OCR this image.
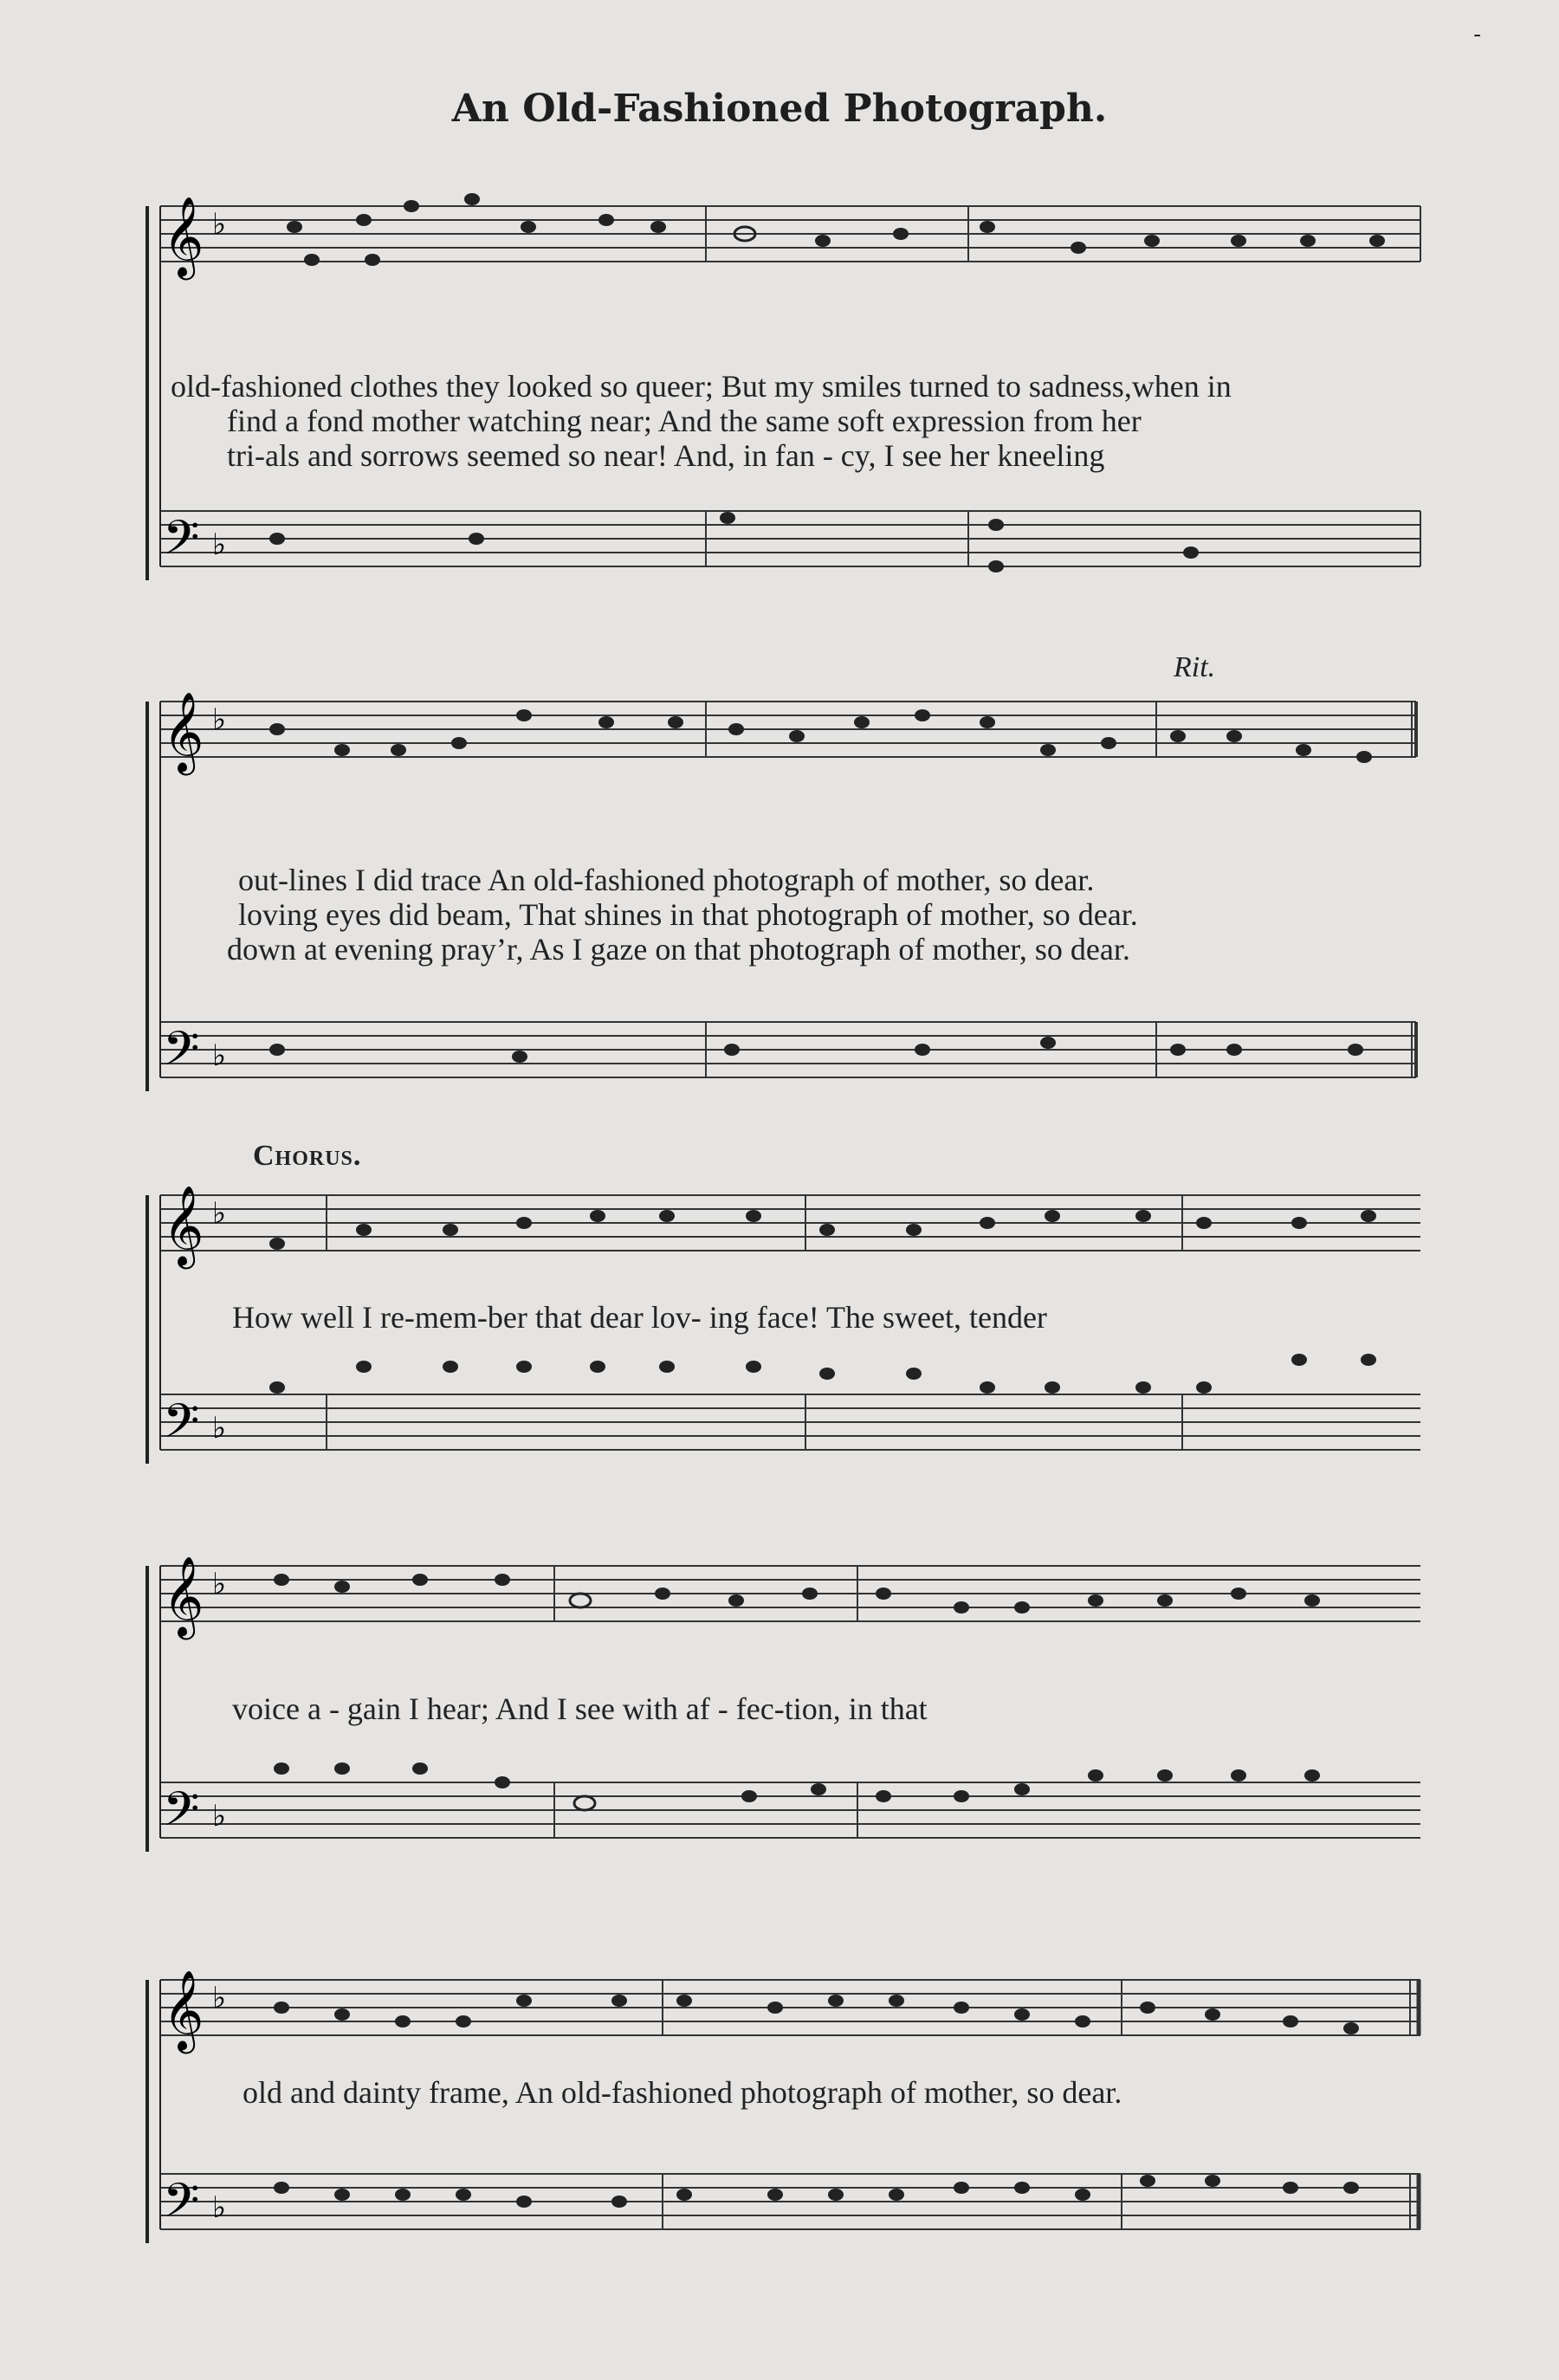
-
An Old-Fashioned Photograph.
𝄞
𝄢
♭
♭
old-fashioned clothes they looked so queer; But my smiles turned to sadness,when in
find a fond mother watching near; And the same soft expression from her
tri-als and sorrows seemed so near! And, in fan - cy, I see her kneeling
Rit.
𝄞
𝄢
♭
♭
out-lines I did trace An old-fashioned photograph of mother, so dear.
loving eyes did beam, That shines in that photograph of mother, so dear.
down at evening pray’r, As I gaze on that photograph of mother, so dear.
Chorus.
𝄞
𝄢
♭
♭
How well I re-mem-ber that dear lov- ing face! The sweet, tender
𝄞
𝄢
♭
♭
voice a - gain I hear; And I see with af - fec-tion, in that
𝄞
𝄢
♭
♭
old and dainty frame, An old-fashioned photograph of mother, so dear.
